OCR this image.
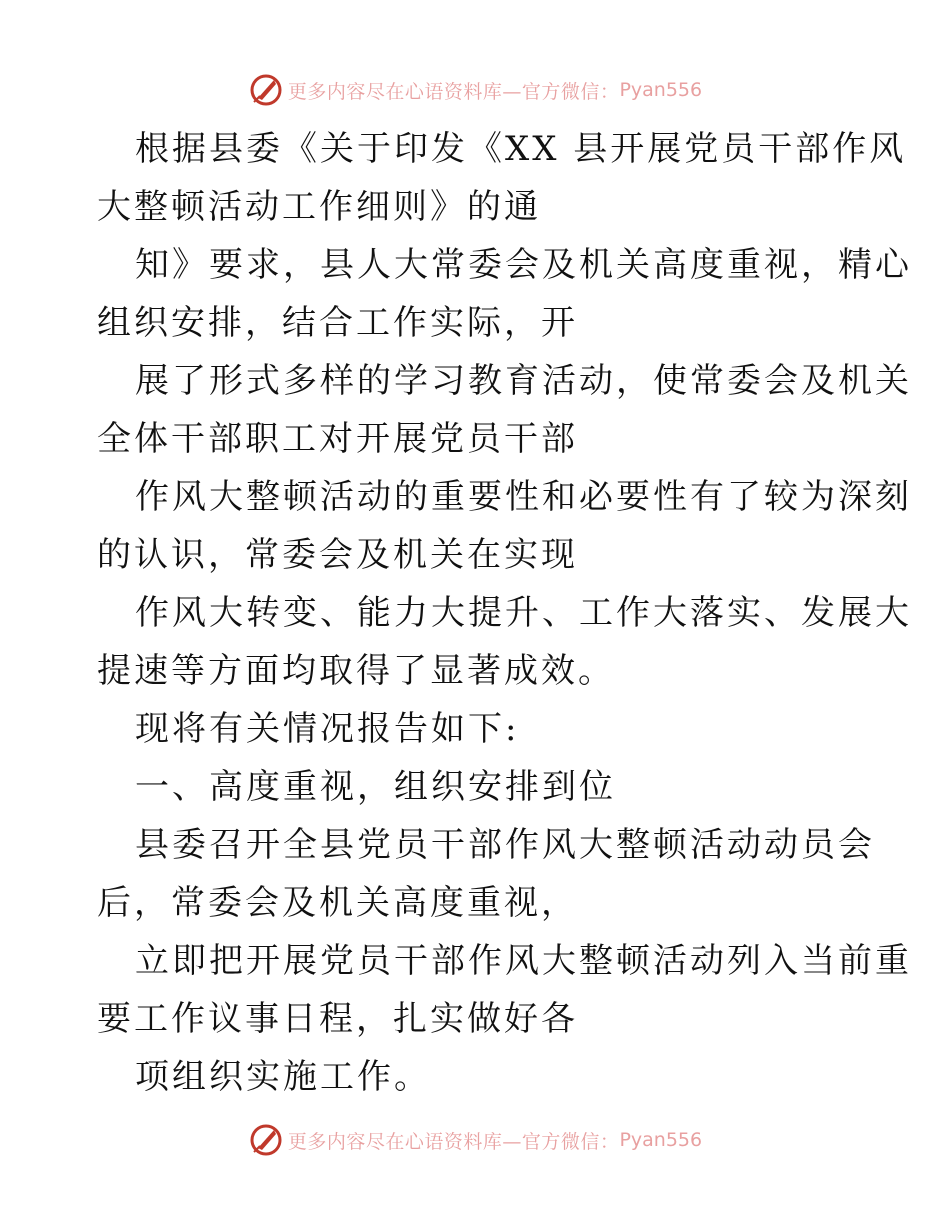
更多内容尽在心语资料库— 官方微信： Pyan556
根据县委《关于印发《XX 县开展党员干部作风
大整顿活动工作细则》的通
知》要求，县人大常委会及机关高度重视，精心
组织安排，结合工作实际，开
展了形式多样的学习教育活动，使常委会及机关
全体干部职工对开展党员干部
作风大整顿活动的重要性和必要性有了较为深刻
的认识，常委会及机关在实现
作风大转变、能力大提升、工作大落实、发展大
提速等方面均取得了显著成效。
现将有关情况报告如下:
一、高度重视，组织安排到位
县委召开全县党员干部作风大整顿活动动员会
后，常委会及机关高度重视，
立即把开展党员干部作风大整顿活动列入当前重
要工作议事日程，扎实做好各
项组织实施工作。
更多内容尽在心语资料库— 官方微信： Pyan556
